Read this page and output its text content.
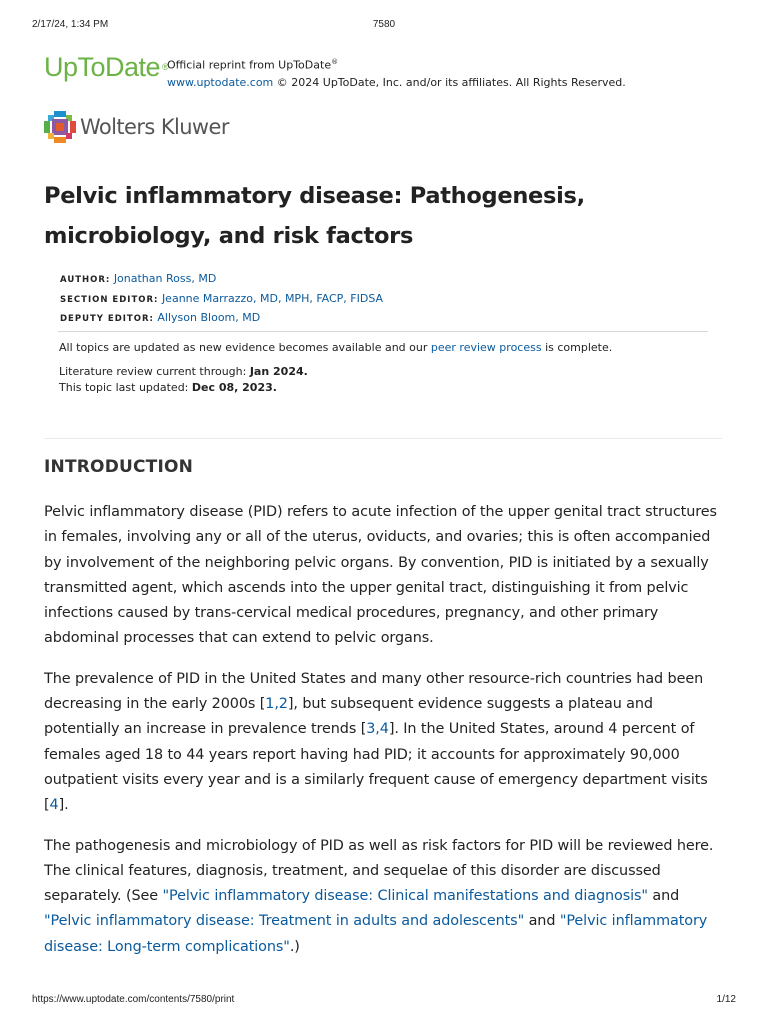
2/17/24, 1:34 PM	7580
UpToDate ®
Official reprint from UpToDate®
www.uptodate.com © 2024 UpToDate, Inc. and/or its affiliates. All Rights Reserved.
Wolters Kluwer
Pelvic inflammatory disease: Pathogenesis, microbiology, and risk factors
AUTHOR: Jonathan Ross, MD
SECTION EDITOR: Jeanne Marrazzo, MD, MPH, FACP, FIDSA
DEPUTY EDITOR: Allyson Bloom, MD

All topics are updated as new evidence becomes available and our peer review process is complete.

Literature review current through: Jan 2024.

This topic last updated: Dec 08, 2023.

INTRODUCTION

Pelvic inflammatory disease (PID) refers to acute infection of the upper genital tract structures in females, involving any or all of the uterus, oviducts, and ovaries; this is often accompanied by involvement of the neighboring pelvic organs. By convention, PID is initiated by a sexually transmitted agent, which ascends into the upper genital tract, distinguishing it from pelvic infections caused by trans-cervical medical procedures, pregnancy, and other primary abdominal processes that can extend to pelvic organs.

The prevalence of PID in the United States and many other resource-rich countries had been decreasing in the early 2000s [1,2], but subsequent evidence suggests a plateau and potentially an increase in prevalence trends [3,4]. In the United States, around 4 percent of females aged 18 to 44 years report having had PID; it accounts for approximately 90,000 outpatient visits every year and is a similarly frequent cause of emergency department visits [4].

The pathogenesis and microbiology of PID as well as risk factors for PID will be reviewed here. The clinical features, diagnosis, treatment, and sequelae of this disorder are discussed separately. (See "Pelvic inflammatory disease: Clinical manifestations and diagnosis" and "Pelvic inflammatory disease: Treatment in adults and adolescents" and "Pelvic inflammatory disease: Long-term complications".)

https://www.uptodate.com/contents/7580/print	1/12
